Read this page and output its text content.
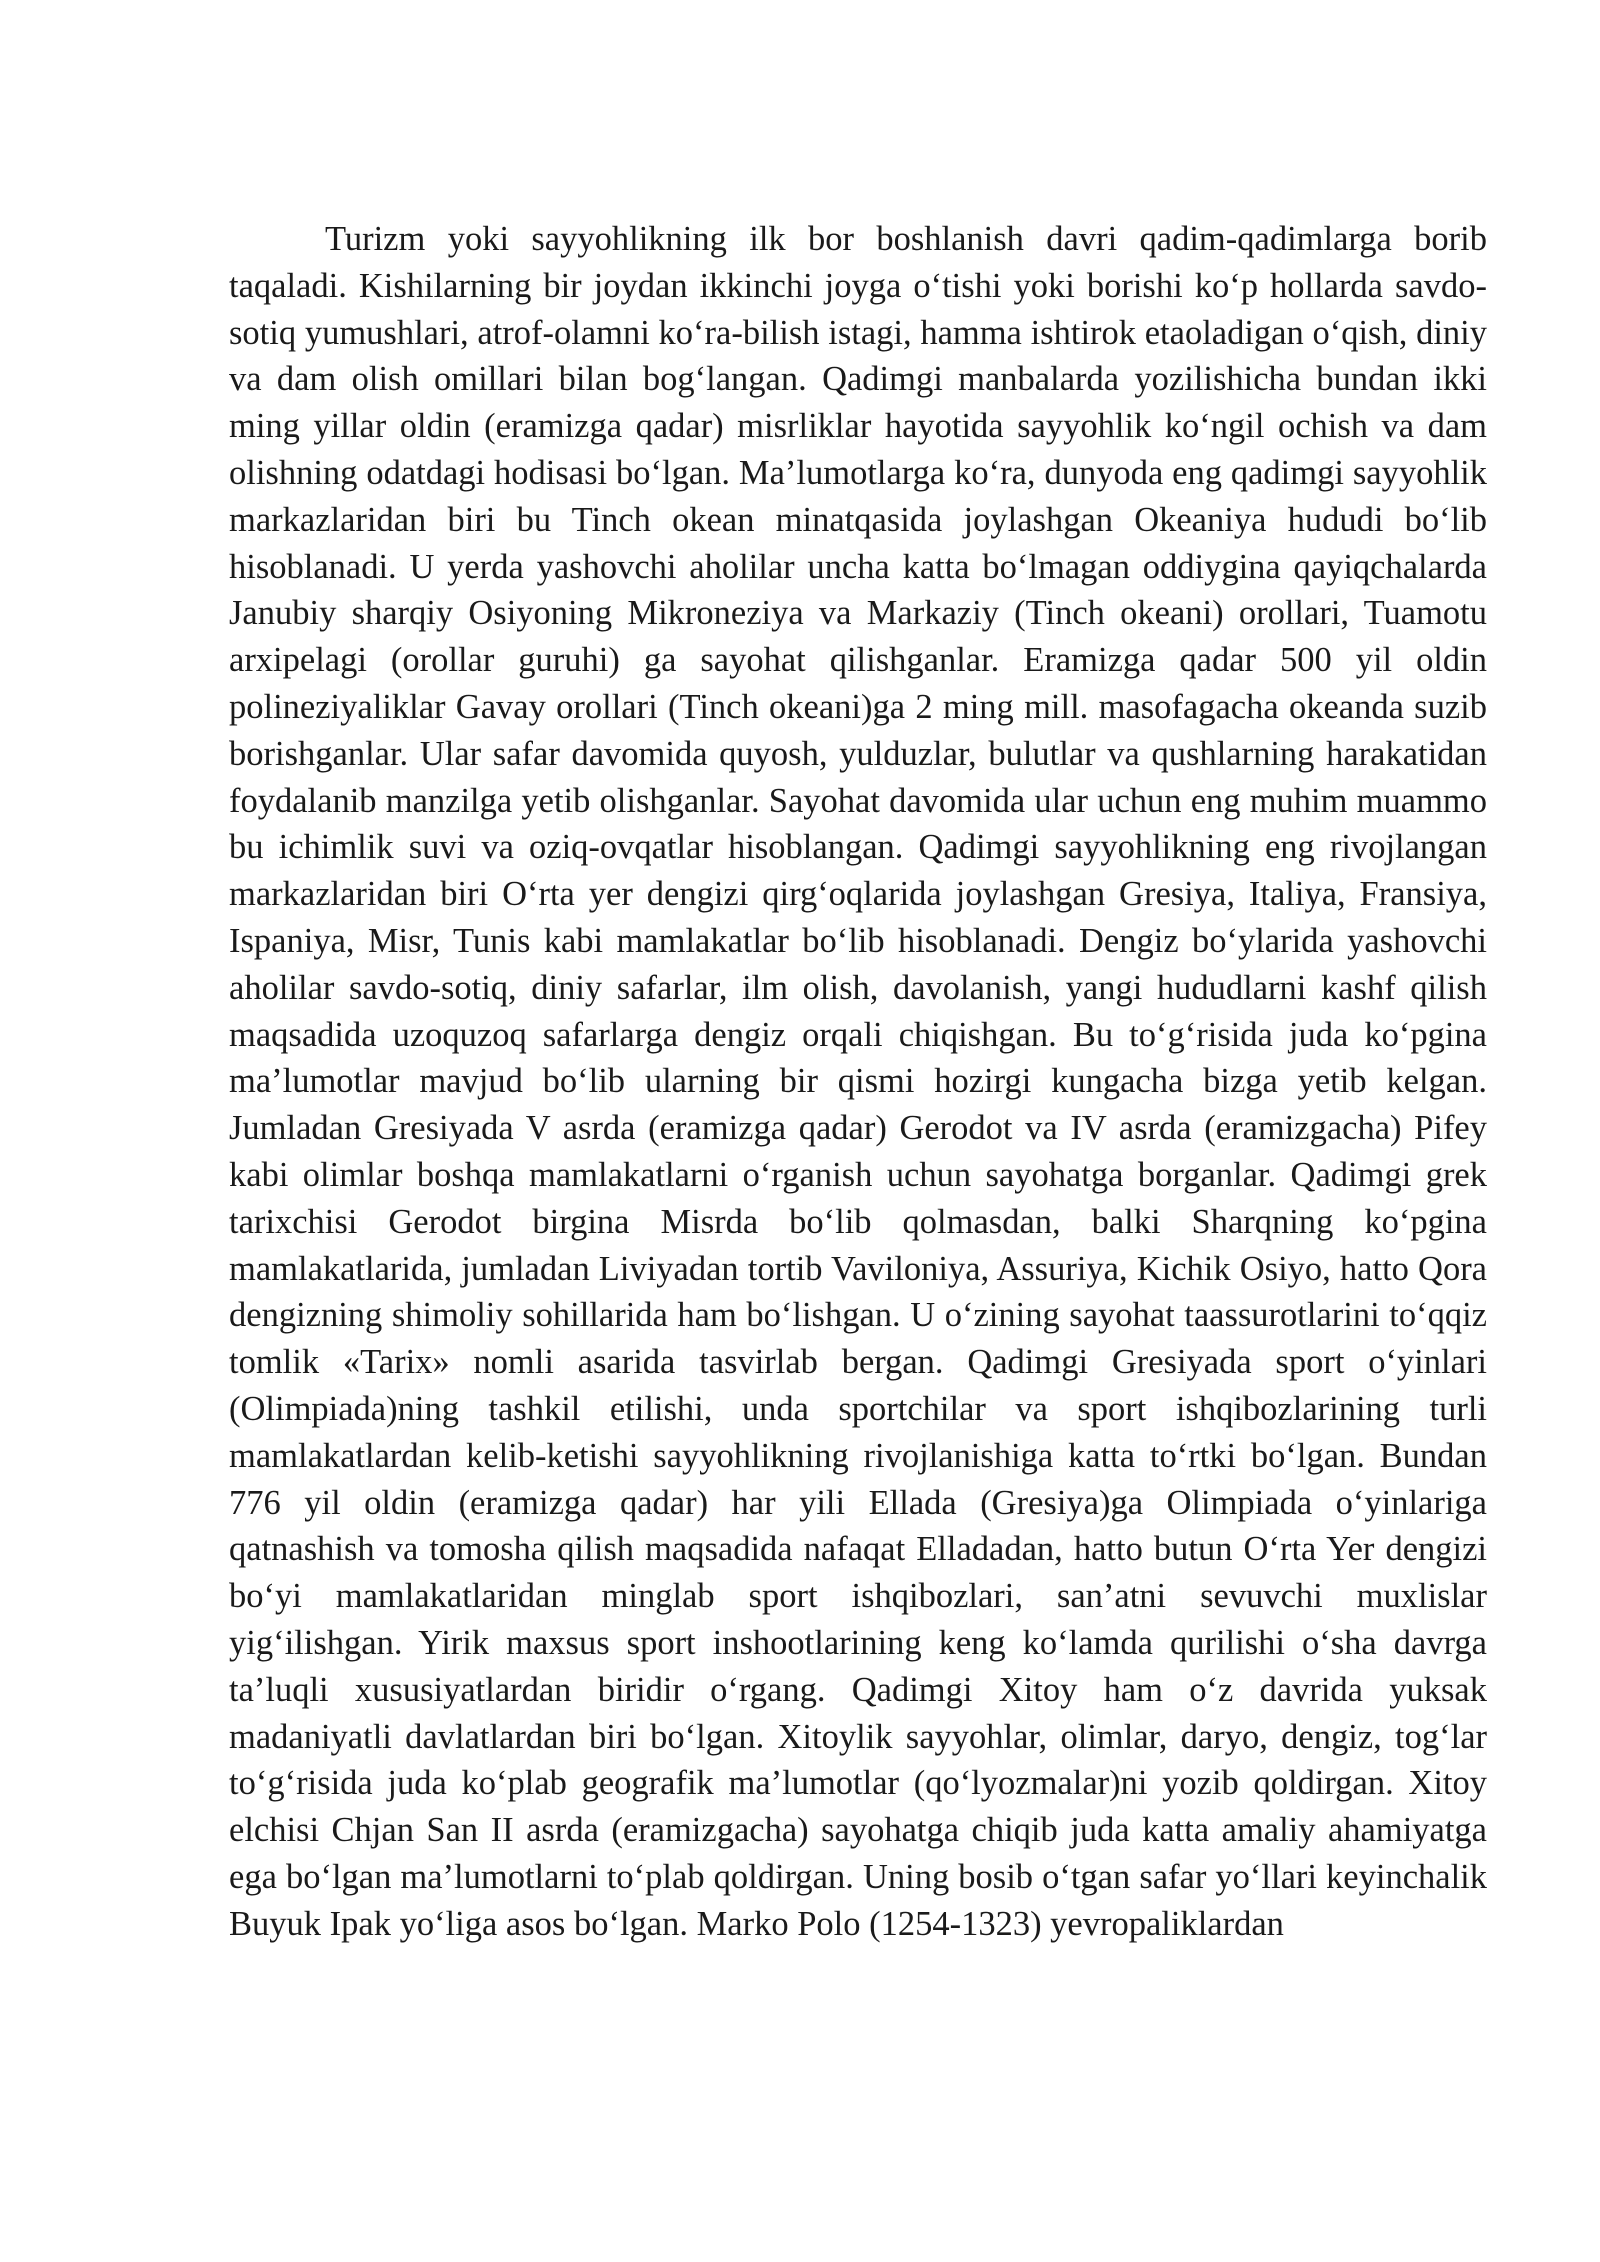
Turizm yoki sayyohlikning ilk bor boshlanish davri qadim-qadimlarga borib taqaladi. Kishilarning bir joydan ikkinchi joyga o‘tishi yoki borishi ko‘p hollarda savdo-sotiq yumushlari, atrof-olamni ko‘ra-bilish istagi, hamma ishtirok etaoladigan o‘qish, diniy va dam olish omillari bilan bog‘langan. Qadimgi manbalarda yozilishicha bundan ikki ming yillar oldin (eramizga qadar) misrliklar hayotida sayyohlik ko‘ngil ochish va dam olishning odatdagi hodisasi bo‘lgan. Ma’lumotlarga ko‘ra, dunyoda eng qadimgi sayyohlik markazlaridan biri bu Tinch okean minatqasida joylashgan Okeaniya hududi bo‘lib hisoblanadi. U yerda yashovchi aholilar uncha katta bo‘lmagan oddiygina qayiqchalarda Janubiy sharqiy Osiyoning Mikroneziya va Markaziy (Tinch okeani) orollari, Tuamotu arxipelagi (orollar guruhi) ga sayohat qilishganlar. Eramizga qadar 500 yil oldin polineziyaliklar Gavay orollari (Tinch okeani)ga 2 ming mill. masofagacha okeanda suzib borishganlar. Ular safar davomida quyosh, yulduzlar, bulutlar va qushlarning harakatidan foydalanib manzilga yetib olishganlar. Sayohat davomida ular uchun eng muhim muammo bu ichimlik suvi va oziq-ovqatlar hisoblangan. Qadimgi sayyohlikning eng rivojlangan markazlaridan biri O‘rta yer dengizi qirg‘oqlarida joylashgan Gresiya, Italiya, Fransiya, Ispaniya, Misr, Tunis kabi mamlakatlar bo‘lib hisoblanadi. Dengiz bo‘ylarida yashovchi aholilar savdo-sotiq, diniy safarlar, ilm olish, davolanish, yangi hududlarni kashf qilish maqsadida uzoquzoq safarlarga dengiz orqali chiqishgan. Bu to‘g‘risida juda ko‘pgina ma’lumotlar mavjud bo‘lib ularning bir qismi hozirgi kungacha bizga yetib kelgan. Jumladan Gresiyada V asrda (eramizga qadar) Gerodot va IV asrda (eramizgacha) Pifey kabi olimlar boshqa mamlakatlarni o‘rganish uchun sayohatga borganlar. Qadimgi grek tarixchisi Gerodot birgina Misrda bo‘lib qolmasdan, balki Sharqning ko‘pgina mamlakatlarida, jumladan Liviyadan tortib Vaviloniya, Assuriya, Kichik Osiyo, hatto Qora dengizning shimoliy sohillarida ham bo‘lishgan. U o‘zining sayohat taassurotlarini to‘qqiz tomlik «Tarix» nomli asarida tasvirlab bergan. Qadimgi Gresiyada sport o‘yinlari (Olimpiada)ning tashkil etilishi, unda sportchilar va sport ishqibozlarining turli mamlakatlardan kelib-ketishi sayyohlikning rivojlanishiga katta to‘rtki bo‘lgan. Bundan 776 yil oldin (eramizga qadar) har yili Ellada (Gresiya)ga Olimpiada o‘yinlariga qatnashish va tomosha qilish maqsadida nafaqat Elladadan, hatto butun O‘rta Yer dengizi bo‘yi mamlakatlaridan minglab sport ishqibozlari, san’atni sevuvchi muxlislar yig‘ilishgan. Yirik maxsus sport inshootlarining keng ko‘lamda qurilishi o‘sha davrga ta’luqli xususiyatlardan biridir o‘rgang. Qadimgi Xitoy ham o‘z davrida yuksak madaniyatli davlatlardan biri bo‘lgan. Xitoylik sayyohlar, olimlar, daryo, dengiz, tog‘lar to‘g‘risida juda ko‘plab geografik ma’lumotlar (qo‘lyozmalar)ni yozib qoldirgan. Xitoy elchisi Chjan San II asrda (eramizgacha) sayohatga chiqib juda katta amaliy ahamiyatga ega bo‘lgan ma’lumotlarni to‘plab qoldirgan. Uning bosib o‘tgan safar yo‘llari keyinchalik Buyuk Ipak yo‘liga asos bo‘lgan. Marko Polo (1254-1323) yevropaliklardan
